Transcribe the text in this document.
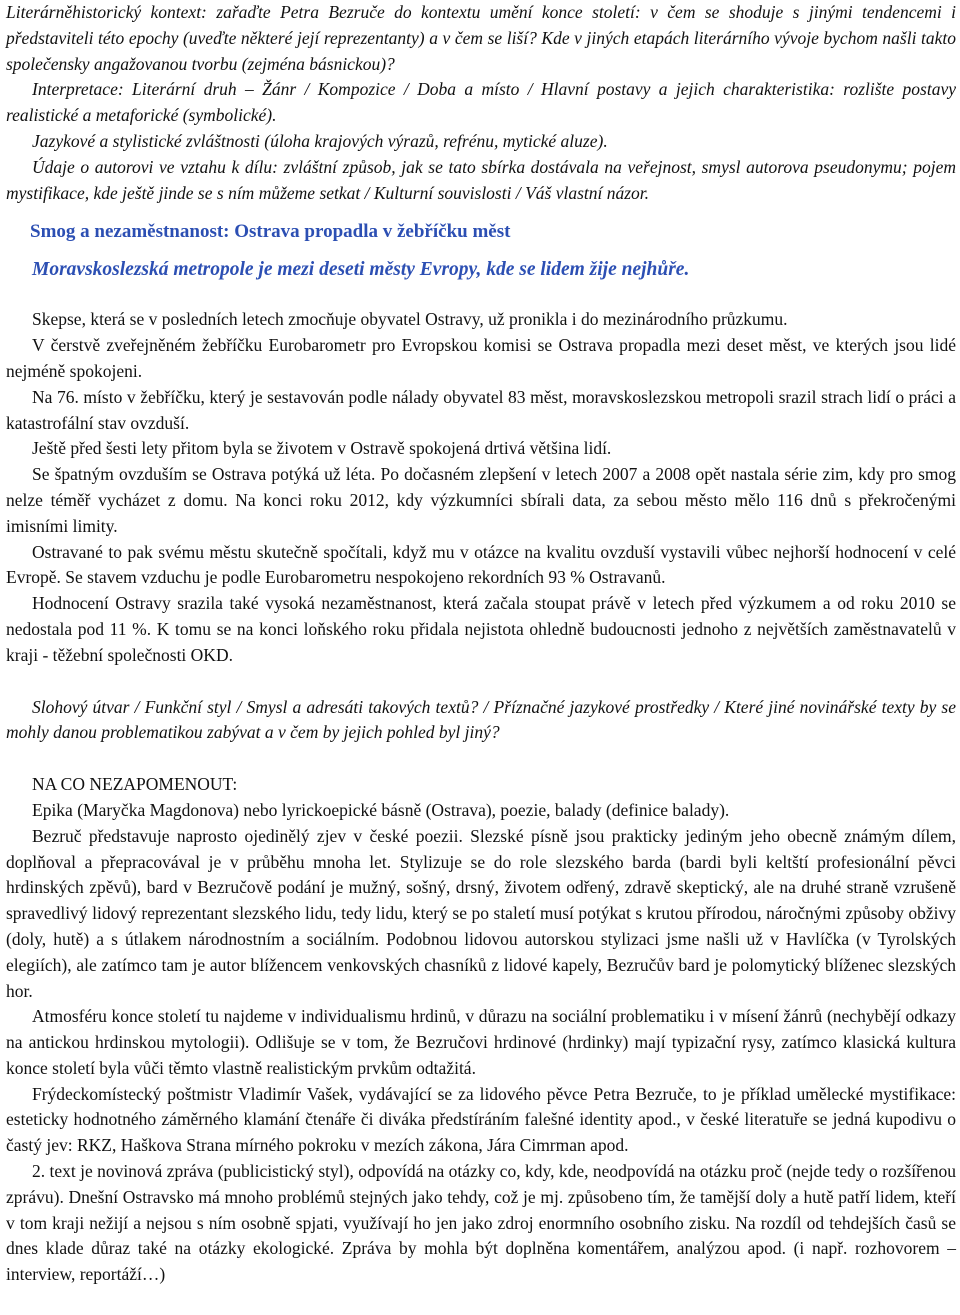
Literárněhistorický kontext: zařaďte Petra Bezruče do kontextu umění konce století: v čem se shoduje s jinými tendencemi i představiteli této epochy (uveďte některé její reprezentanty) a v čem se liší? Kde v jiných etapách literárního vývoje bychom našli takto společensky angažovanou tvorbu (zejména básnickou)?

Interpretace: Literární druh – Žánr / Kompozice / Doba a místo / Hlavní postavy a jejich charakteristika: rozlište postavy realistické a metaforické (symbolické).

Jazykové a stylistické zvláštnosti (úloha krajových výrazů, refrénu, mytické aluze).

Údaje o autorovi ve vztahu k dílu: zvláštní způsob, jak se tato sbírka dostávala na veřejnost, smysl autorova pseudonymu; pojem mystifikace, kde ještě jinde se s ním můžeme setkat / Kulturní souvislosti / Váš vlastní názor.

Smog a nezaměstnanost: Ostrava propadla v žebříčku měst

Moravskoslezská metropole je mezi deseti městy Evropy, kde se lidem žije nejhůře.

Skepse, která se v posledních letech zmocňuje obyvatel Ostravy, už pronikla i do mezinárodního průzkumu.

V čerstvě zveřejněném žebříčku Eurobarometr pro Evropskou komisi se Ostrava propadla mezi deset měst, ve kterých jsou lidé nejméně spokojeni.

Na 76. místo v žebříčku, který je sestavován podle nálady obyvatel 83 měst, moravskoslezskou metropoli srazil strach lidí o práci a katastrofální stav ovzduší.

Ještě před šesti lety přitom byla se životem v Ostravě spokojená drtivá většina lidí.

Se špatným ovzduším se Ostrava potýká už léta. Po dočasném zlepšení v letech 2007 a 2008 opět nastala série zim, kdy pro smog nelze téměř vycházet z domu. Na konci roku 2012, kdy výzkumníci sbírali data, za sebou město mělo 116 dnů s překročenými imisními limity.

Ostravané to pak svému městu skutečně spočítali, když mu v otázce na kvalitu ovzduší vystavili vůbec nejhorší hodnocení v celé Evropě. Se stavem vzduchu je podle Eurobarometru nespokojeno rekordních 93 % Ostravanů.

Hodnocení Ostravy srazila také vysoká nezaměstnanost, která začala stoupat právě v letech před výzkumem a od roku 2010 se nedostala pod 11 %. K tomu se na konci loňského roku přidala nejistota ohledně budoucnosti jednoho z největších zaměstnavatelů v kraji - těžební společnosti OKD.

Slohový útvar / Funkční styl / Smysl a adresáti takových textů? / Příznačné jazykové prostředky / Které jiné novinářské texty by se mohly danou problematikou zabývat a v čem by jejich pohled byl jiný?

NA CO NEZAPOMENOUT:

Epika (Maryčka Magdonova) nebo lyrickoepické básně (Ostrava), poezie, balady (definice balady).

Bezruč představuje naprosto ojedinělý zjev v české poezii. Slezské písně jsou prakticky jediným jeho obecně známým dílem, doplňoval a přepracovával je v průběhu mnoha let. Stylizuje se do role slezského barda (bardi byli keltští profesionální pěvci hrdinských zpěvů), bard v Bezručově podání je mužný, sošný, drsný, životem odřený, zdravě skeptický, ale na druhé straně vzrušeně spravedlivý lidový reprezentant slezského lidu, tedy lidu, který se po staletí musí potýkat s krutou přírodou, náročnými způsoby obživy (doly, hutě) a s útlakem národnostním a sociálním. Podobnou lidovou autorskou stylizaci jsme našli už v Havlíčka (v Tyrolských elegiích), ale zatímco tam je autor blížencem venkovských chasníků z lidové kapely, Bezručův bard je polomytický blíženec slezských hor.

Atmosféru konce století tu najdeme v individualismu hrdinů, v důrazu na sociální problematiku i v mísení žánrů (nechybějí odkazy na antickou hrdinskou mytologii). Odlišuje se v tom, že Bezručovi hrdinové (hrdinky) mají typizační rysy, zatímco klasická kultura konce století byla vůči těmto vlastně realistickým prvkům odtažitá.

Frýdeckomístecký poštmistr Vladimír Vašek, vydávající se za lidového pěvce Petra Bezruče, to je příklad umělecké mystifikace: esteticky hodnotného záměrného klamání čtenáře či diváka předstíráním falešné identity apod., v české literatuře se jedná kupodivu o častý jev: RKZ, Haškova Strana mírného pokroku v mezích zákona, Jára Cimrman apod.

2. text je novinová zpráva (publicistický styl), odpovídá na otázky co, kdy, kde, neodpovídá na otázku proč (nejde tedy o rozšířenou zprávu). Dnešní Ostravsko má mnoho problémů stejných jako tehdy, což je mj. způsobeno tím, že tamější doly a hutě patří lidem, kteří v tom kraji nežijí a nejsou s ním osobně spjati, využívají ho jen jako zdroj enormního osobního zisku. Na rozdíl od tehdejších časů se dnes klade důraz také na otázky ekologické. Zpráva by mohla být doplněna komentářem, analýzou apod. (i např. rozhovorem – interview, reportáží…)
